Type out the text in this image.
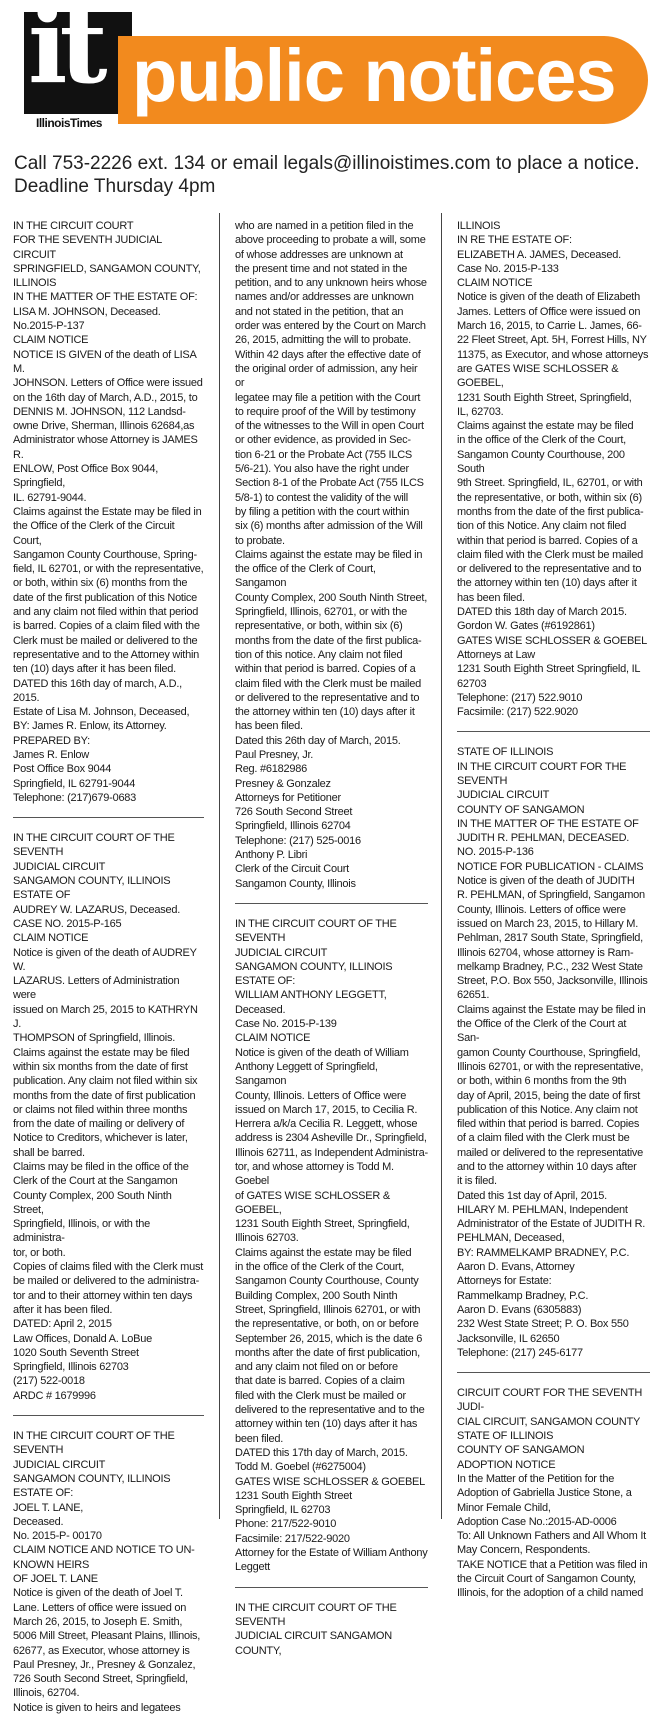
it
IllinoisTimes
public notices
Call 753-2226 ext. 134 or email legals@illinoistimes.com to place a notice.
Deadline Thursday 4pm

IN THE CIRCUIT COURT

FOR THE SEVENTH JUDICIAL CIRCUIT

SPRINGFIELD, SANGAMON COUNTY,

ILLINOIS

IN THE MATTER OF THE ESTATE OF:

LISA M. JOHNSON, Deceased.

No.2015-P-137

CLAIM NOTICE

NOTICE IS GIVEN of the death of LISA M.

JOHNSON. Letters of Office were issued

on the 16th day of March, A.D., 2015, to

DENNIS M. JOHNSON, 112 Landsd-

owne Drive, Sherman, Illinois 62684,as

Administrator whose Attorney is JAMES R.

ENLOW, Post Office Box 9044, Springfield,

IL. 62791-9044.

Claims against the Estate may be filed in

the Office of the Clerk of the Circuit Court,

Sangamon County Courthouse, Spring-

field, IL 62701, or with the representative,

or both, within six (6) months from the

date of the first publication of this Notice

and any claim not filed within that period

is barred. Copies of a claim filed with the

Clerk must be mailed or delivered to the

representative and to the Attorney within

ten (10) days after it has been filed.

DATED this 16th day of march, A.D., 2015.

Estate of Lisa M. Johnson, Deceased,

BY: James R. Enlow, its Attorney.

PREPARED BY:

James R. Enlow

Post Office Box 9044

Springfield, IL 62791-9044

Telephone: (217)679-0683

IN THE CIRCUIT COURT OF THE SEVENTH

JUDICIAL CIRCUIT

SANGAMON COUNTY, ILLINOIS

ESTATE OF

AUDREY W. LAZARUS, Deceased.

CASE NO. 2015-P-165

CLAIM NOTICE

Notice is given of the death of AUDREY W.

LAZARUS. Letters of Administration were

issued on March 25, 2015 to KATHRYN J.

THOMPSON of Springfield, Illinois.

Claims against the estate may be filed

within six months from the date of first

publication. Any claim not filed within six

months from the date of first publication

or claims not filed within three months

from the date of mailing or delivery of

Notice to Creditors, whichever is later,

shall be barred.

Claims may be filed in the office of the

Clerk of the Court at the Sangamon

County Complex, 200 South Ninth Street,

Springfield, Illinois, or with the administra-

tor, or both.

Copies of claims filed with the Clerk must

be mailed or delivered to the administra-

tor and to their attorney within ten days

after it has been filed.

DATED: April 2, 2015

Law Offices, Donald A. LoBue

1020 South Seventh Street

Springfield, Illinois 62703

(217) 522-0018

ARDC # 1679996

IN THE CIRCUIT COURT OF THE SEVENTH

JUDICIAL CIRCUIT

SANGAMON COUNTY, ILLINOIS

ESTATE OF:

JOEL T. LANE,

Deceased.

No. 2015-P- 00170

CLAIM NOTICE AND NOTICE TO UN-

KNOWN HEIRS

OF JOEL T. LANE

Notice is given of the death of Joel T.

Lane. Letters of office were issued on

March 26, 2015, to Joseph E. Smith,

5006 Mill Street, Pleasant Plains, Illinois,

62677, as Executor, whose attorney is

Paul Presney, Jr., Presney & Gonzalez,

726 South Second Street, Springfield,

Illinois, 62704.

Notice is given to heirs and legatees

who are named in a petition filed in the

above proceeding to probate a will, some

of whose addresses are unknown at

the present time and not stated in the

petition, and to any unknown heirs whose

names and/or addresses are unknown

and not stated in the petition, that an

order was entered by the Court on March

26, 2015, admitting the will to probate.

Within 42 days after the effective date of

the original order of admission, any heir or

legatee may file a petition with the Court

to require proof of the Will by testimony

of the witnesses to the Will in open Court

or other evidence, as provided in Sec-

tion 6-21 or the Probate Act (755 ILCS

5/6-21). You also have the right under

Section 8-1 of the Probate Act (755 ILCS

5/8-1) to contest the validity of the will

by filing a petition with the court within

six (6) months after admission of the Will

to probate.

Claims against the estate may be filed in

the office of the Clerk of Court, Sangamon

County Complex, 200 South Ninth Street,

Springfield, Illinois, 62701, or with the

representative, or both, within six (6)

months from the date of the first publica-

tion of this notice. Any claim not filed

within that period is barred. Copies of a

claim filed with the Clerk must be mailed

or delivered to the representative and to

the attorney within ten (10) days after it

has been filed.

Dated this 26th day of March, 2015.

Paul Presney, Jr.

Reg. #6182986

Presney & Gonzalez

Attorneys for Petitioner

726 South Second Street

Springfield, Illinois 62704

Telephone: (217) 525-0016

Anthony P. Libri

Clerk of the Circuit Court

Sangamon County, Illinois

IN THE CIRCUIT COURT OF THE SEVENTH

JUDICIAL CIRCUIT

SANGAMON COUNTY, ILLINOIS

ESTATE OF:

WILLIAM ANTHONY LEGGETT, Deceased.

Case No. 2015-P-139

CLAIM NOTICE

Notice is given of the death of William

Anthony Leggett of Springfield, Sangamon

County, Illinois. Letters of Office were

issued on March 17, 2015, to Cecilia R.

Herrera a/k/a Cecilia R. Leggett, whose

address is 2304 Asheville Dr., Springfield,

Illinois 62711, as Independent Administra-

tor, and whose attorney is Todd M. Goebel

of GATES WISE SCHLOSSER & GOEBEL,

1231 South Eighth Street, Springfield,

Illinois 62703.

Claims against the estate may be filed

in the office of the Clerk of the Court,

Sangamon County Courthouse, County

Building Complex, 200 South Ninth

Street, Springfield, Illinois 62701, or with

the representative, or both, on or before

September 26, 2015, which is the date 6

months after the date of first publication,

and any claim not filed on or before

that date is barred. Copies of a claim

filed with the Clerk must be mailed or

delivered to the representative and to the

attorney within ten (10) days after it has

been filed.

DATED this 17th day of March, 2015.

Todd M. Goebel (#6275004)

GATES WISE SCHLOSSER & GOEBEL

1231 South Eighth Street

Springfield, IL 62703

Phone: 217/522-9010

Facsimile: 217/522-9020

Attorney for the Estate of William Anthony

Leggett

IN THE CIRCUIT COURT OF THE SEVENTH

JUDICIAL CIRCUIT SANGAMON COUNTY,

ILLINOIS

IN RE THE ESTATE OF:

ELIZABETH A. JAMES, Deceased.

Case No. 2015-P-133

CLAIM NOTICE

Notice is given of the death of Elizabeth

James. Letters of Office were issued on

March 16, 2015, to Carrie L. James, 66-

22 Fleet Street, Apt. 5H, Forrest Hills, NY

11375, as Executor, and whose attorneys

are GATES WISE SCHLOSSER & GOEBEL,

1231 South Eighth Street, Springfield,

IL, 62703.

Claims against the estate may be filed

in the office of the Clerk of the Court,

Sangamon County Courthouse, 200 South

9th Street. Springfield, IL, 62701, or with

the representative, or both, within six (6)

months from the date of the first publica-

tion of this Notice. Any claim not filed

within that period is barred. Copies of a

claim filed with the Clerk must be mailed

or delivered to the representative and to

the attorney within ten (10) days after it

has been filed.

DATED this 18th day of March 2015.

Gordon W. Gates (#6192861)

GATES WISE SCHLOSSER & GOEBEL

Attorneys at Law

1231 South Eighth Street Springfield, IL

62703

Telephone: (217) 522.9010

Facsimile: (217) 522.9020

STATE OF ILLINOIS

IN THE CIRCUIT COURT FOR THE SEVENTH

JUDICIAL CIRCUIT

COUNTY OF SANGAMON

IN THE MATTER OF THE ESTATE OF

JUDITH R. PEHLMAN, DECEASED.

NO. 2015-P-136

NOTICE FOR PUBLICATION - CLAIMS

Notice is given of the death of JUDITH

R. PEHLMAN, of Springfield, Sangamon

County, Illinois. Letters of office were

issued on March 23, 2015, to Hillary M.

Pehlman, 2817 South State, Springfield,

Illinois 62704, whose attorney is Ram-

melkamp Bradney, P.C., 232 West State

Street, P.O. Box 550, Jacksonville, Illinois

62651.

Claims against the Estate may be filed in

the Office of the Clerk of the Court at San-

gamon County Courthouse, Springfield,

Illinois 62701, or with the representative,

or both, within 6 months from the 9th

day of April, 2015, being the date of first

publication of this Notice. Any claim not

filed within that period is barred. Copies

of a claim filed with the Clerk must be

mailed or delivered to the representative

and to the attorney within 10 days after

it is filed.

Dated this 1st day of April, 2015.

HILARY M. PEHLMAN, Independent

Administrator of the Estate of JUDITH R.

PEHLMAN, Deceased,

BY: RAMMELKAMP BRADNEY, P.C.

Aaron D. Evans, Attorney

Attorneys for Estate:

Rammelkamp Bradney, P.C.

Aaron D. Evans (6305883)

232 West State Street; P. O. Box 550

Jacksonville, IL 62650

Telephone: (217) 245-6177

CIRCUIT COURT FOR THE SEVENTH JUDI-

CIAL CIRCUIT, SANGAMON COUNTY

STATE OF ILLINOIS

COUNTY OF SANGAMON

ADOPTION NOTICE

In the Matter of the Petition for the

Adoption of Gabriella Justice Stone, a

Minor Female Child,

Adoption Case No.:2015-AD-0006

To: All Unknown Fathers and All Whom It

May Concern, Respondents.

TAKE NOTICE that a Petition was filed in

the Circuit Court of Sangamon County,

Illinois, for the adoption of a child named
